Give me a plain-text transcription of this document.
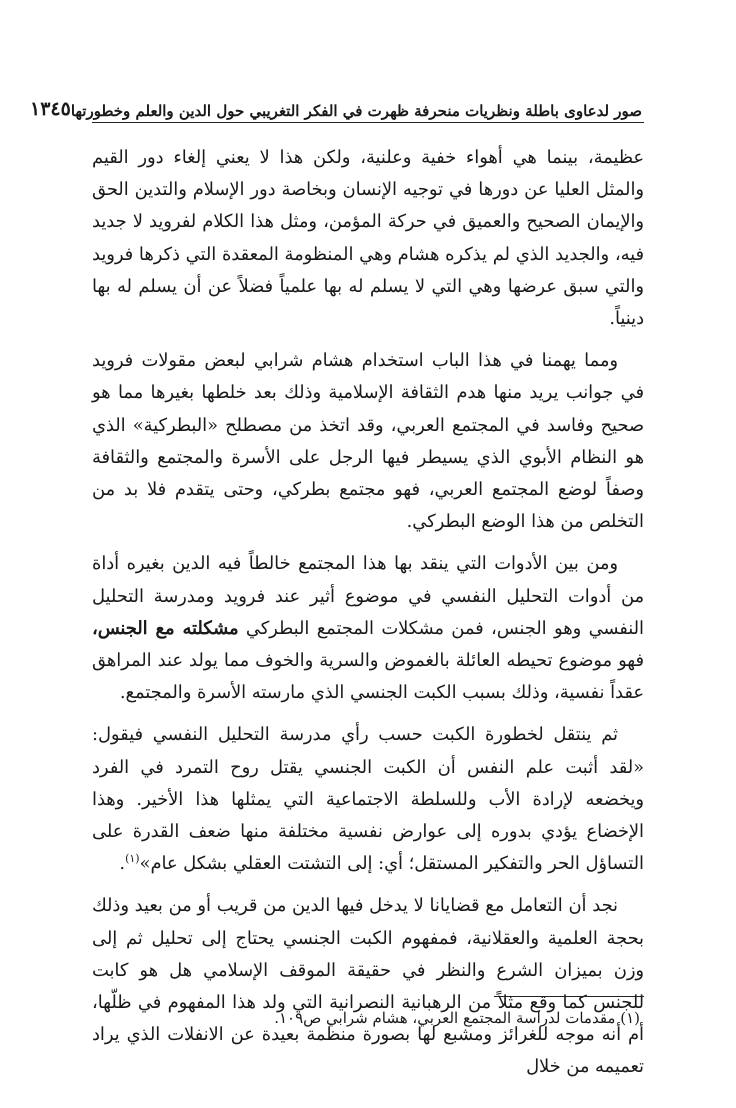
صور لدعاوى باطلة ونظريات منحرفة ظهرت في الفكر التغريبي حول الدين والعلم وخطورتها
١٣٤٥

عظيمة، بينما هي أهواء خفية وعلنية، ولكن هذا لا يعني إلغاء دور القيم والمثل العليا عن دورها في توجيه الإنسان وبخاصة دور الإسلام والتدين الحق والإيمان الصحيح والعميق في حركة المؤمن، ومثل هذا الكلام لفرويد لا جديد فيه، والجديد الذي لم يذكره هشام وهي المنظومة المعقدة التي ذكرها فرويد والتي سبق عرضها وهي التي لا يسلم له بها علمياً فضلاً عن أن يسلم له بها دينياً.

ومما يهمنا في هذا الباب استخدام هشام شرابي لبعض مقولات فرويد في جوانب يريد منها هدم الثقافة الإسلامية وذلك بعد خلطها بغيرها مما هو صحيح وفاسد في المجتمع العربي، وقد اتخذ من مصطلح «البطركية» الذي هو النظام الأبوي الذي يسيطر فيها الرجل على الأسرة والمجتمع والثقافة وصفاً لوضع المجتمع العربي، فهو مجتمع بطركي، وحتى يتقدم فلا بد من التخلص من هذا الوضع البطركي.

ومن بين الأدوات التي ينقد بها هذا المجتمع خالطاً فيه الدين بغيره أداة من أدوات التحليل النفسي في موضوع أثير عند فرويد ومدرسة التحليل النفسي وهو الجنس، فمن مشكلات المجتمع البطركي مشكلته مع الجنس، فهو موضوع تحيطه العائلة بالغموض والسرية والخوف مما يولد عند المراهق عقداً نفسية، وذلك بسبب الكبت الجنسي الذي مارسته الأسرة والمجتمع.

ثم ينتقل لخطورة الكبت حسب رأي مدرسة التحليل النفسي فيقول: «لقد أثبت علم النفس أن الكبت الجنسي يقتل روح التمرد في الفرد ويخضعه لإرادة الأب وللسلطة الاجتماعية التي يمثلها هذا الأخير. وهذا الإخضاع يؤدي بدوره إلى عوارض نفسية مختلفة منها ضعف القدرة على التساؤل الحر والتفكير المستقل؛ أي: إلى التشتت العقلي بشكل عام»$^{(١)}$.

نجد أن التعامل مع قضايانا لا يدخل فيها الدين من قريب أو من بعيد وذلك بحجة العلمية والعقلانية، فمفهوم الكبت الجنسي يحتاج إلى تحليل ثم إلى وزن بميزان الشرع والنظر في حقيقة الموقف الإسلامي هل هو كابت للجنس كما وقع مثلاً من الرهبانية النصرانية التي ولد هذا المفهوم في ظلّها، أم أنه موجه للغرائز ومشبع لها بصورة منظمة بعيدة عن الانفلات الذي يراد تعميمه من خلال

(١) مقدمات لدراسة المجتمع العربي، هشام شرابي ص١٠٩.
